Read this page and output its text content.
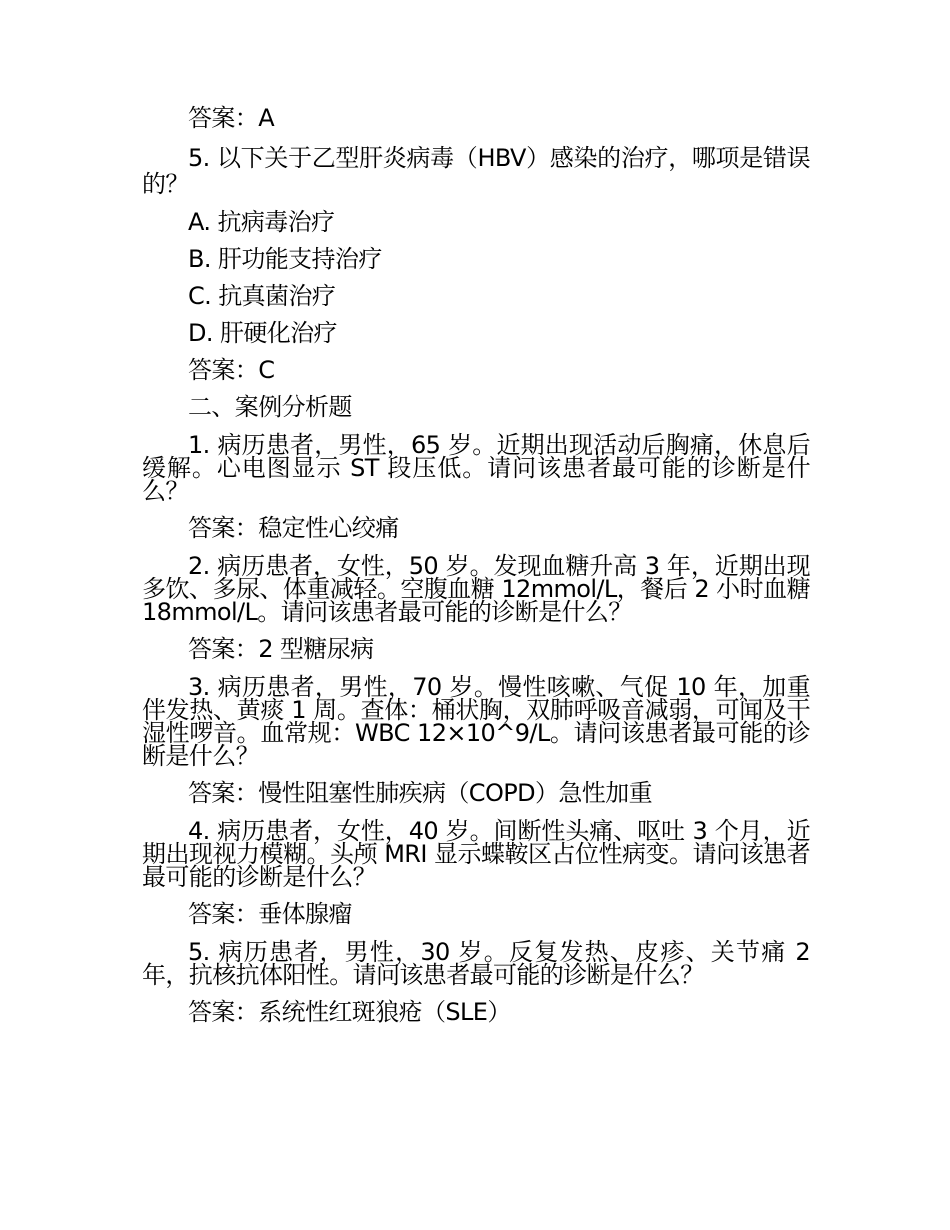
答案：A

5. 以下关于乙型肝炎病毒（HBV）感染的治疗，哪项是错误的？

A. 抗病毒治疗

B. 肝功能支持治疗

C. 抗真菌治疗

D. 肝硬化治疗

答案：C

二、案例分析题

1. 病历患者，男性，65 岁。近期出现活动后胸痛，休息后缓解。心电图显示 ST 段压低。请问该患者最可能的诊断是什么？

答案：稳定性心绞痛

2. 病历患者，女性，50 岁。发现血糖升高 3 年，近期出现多饮、多尿、体重减轻。空腹血糖 12mmol/L，餐后 2 小时血糖 18mmol/L。请问该患者最可能的诊断是什么？

答案：2 型糖尿病

3. 病历患者，男性，70 岁。慢性咳嗽、气促 10 年，加重伴发热、黄痰 1 周。查体：桶状胸，双肺呼吸音减弱，可闻及干湿性啰音。血常规：WBC 12×10^9/L。请问该患者最可能的诊断是什么？

答案：慢性阻塞性肺疾病（COPD）急性加重

4. 病历患者，女性，40 岁。间断性头痛、呕吐 3 个月，近期出现视力模糊。头颅 MRI 显示蝶鞍区占位性病变。请问该患者最可能的诊断是什么？

答案：垂体腺瘤

5. 病历患者，男性，30 岁。反复发热、皮疹、关节痛 2 年，抗核抗体阳性。请问该患者最可能的诊断是什么？

答案：系统性红斑狼疮（SLE）
